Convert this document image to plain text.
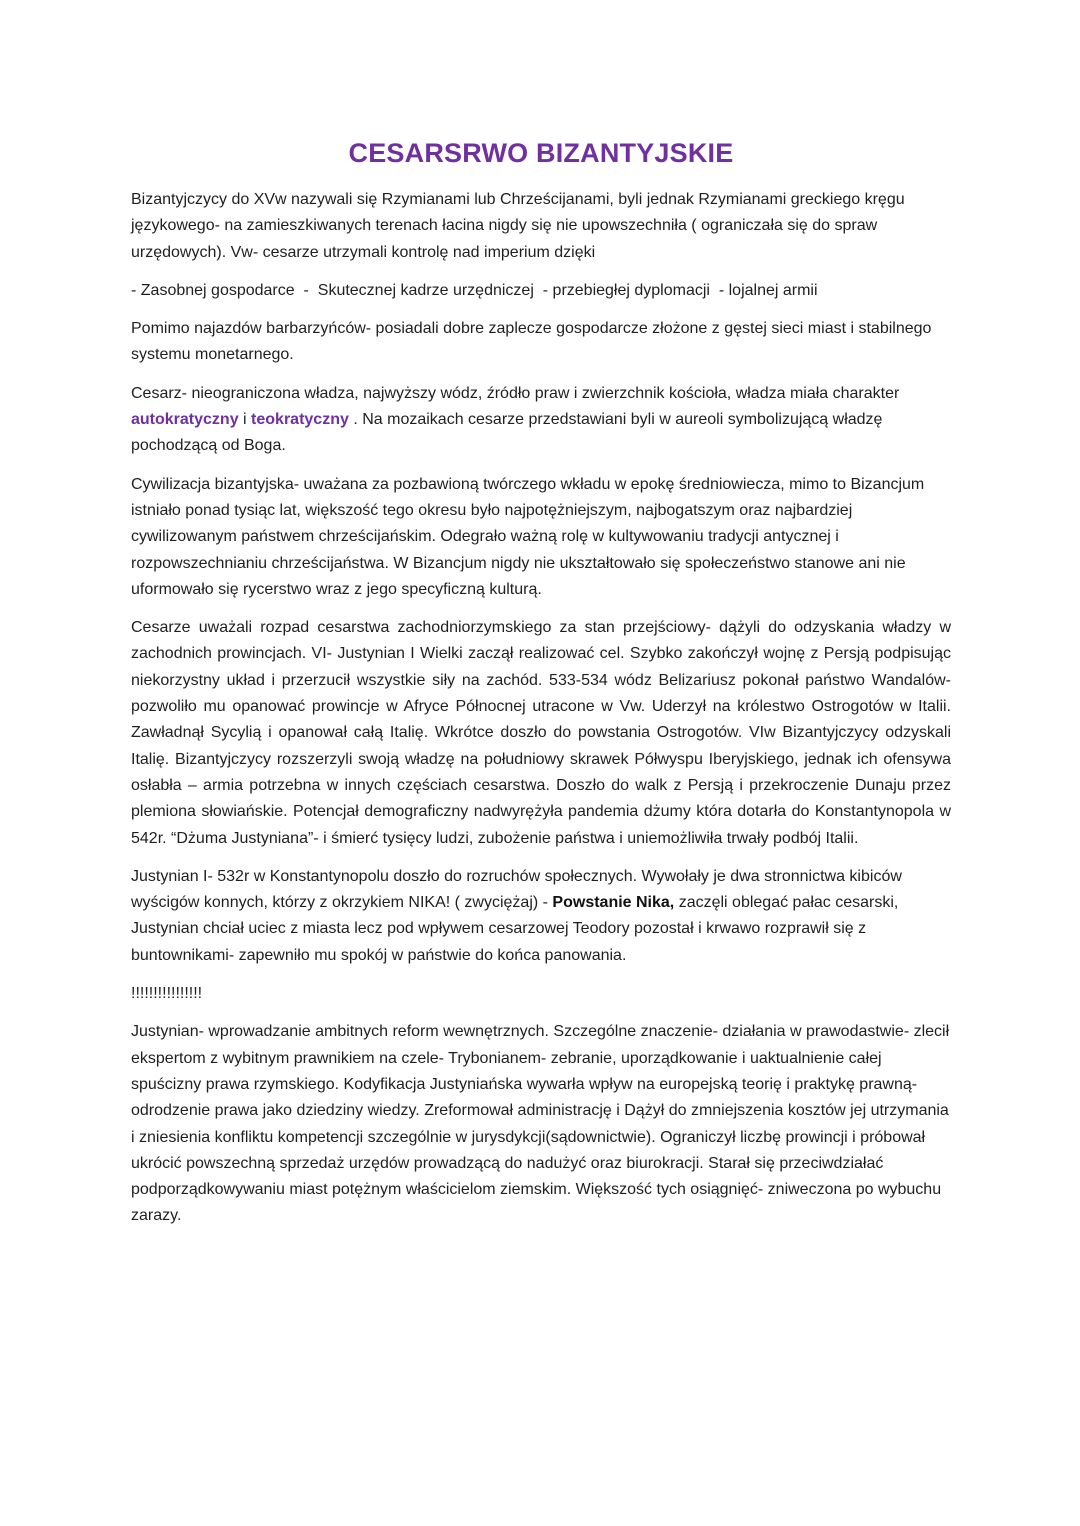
CESARSRWO BIZANTYJSKIE

Bizantyjczycy do XVw nazywali się Rzymianami lub Chrześcijanami, byli jednak Rzymianami greckiego kręgu językowego- na zamieszkiwanych terenach łacina nigdy się nie upowszechniła ( ograniczała się do spraw urzędowych). Vw- cesarze utrzymali kontrolę nad imperium dzięki

- Zasobnej gospodarce  -  Skutecznej kadrze urzędniczej  - przebiegłej dyplomacji  - lojalnej armii

Pomimo najazdów barbarzyńców- posiadali dobre zaplecze gospodarcze złożone z gęstej sieci miast i stabilnego systemu monetarnego.

Cesarz- nieograniczona władza, najwyższy wódz, źródło praw i zwierzchnik kościoła, władza miała charakter autokratyczny i teokratyczny . Na mozaikach cesarze przedstawiani byli w aureoli symbolizującą władzę pochodzącą od Boga.

Cywilizacja bizantyjska- uważana za pozbawioną twórczego wkładu w epokę średniowiecza, mimo to Bizancjum istniało ponad tysiąc lat, większość tego okresu było najpotężniejszym, najbogatszym oraz najbardziej cywilizowanym państwem chrześcijańskim. Odegrało ważną rolę w kultywowaniu tradycji antycznej i rozpowszechnianiu chrześcijaństwa. W Bizancjum nigdy nie ukształtowało się społeczeństwo stanowe ani nie uformowało się rycerstwo wraz z jego specyficzną kulturą.

Cesarze uważali rozpad cesarstwa zachodniorzymskiego za stan przejściowy- dążyli do odzyskania władzy w zachodnich prowincjach. VI- Justynian I Wielki zaczął realizować cel. Szybko zakończył wojnę z Persją podpisując niekorzystny układ i przerzucił wszystkie siły na zachód. 533-534 wódz Belizariusz pokonał państwo Wandalów- pozwoliło mu opanować prowincje w Afryce Północnej utracone w Vw. Uderzył na królestwo Ostrogotów w Italii. Zawładnął Sycylią i opanował całą Italię. Wkrótce doszło do powstania Ostrogotów. VIw Bizantyjczycy odzyskali Italię. Bizantyjczycy rozszerzyli swoją władzę na południowy skrawek Półwyspu Iberyjskiego, jednak ich ofensywa osłabła – armia potrzebna w innych częściach cesarstwa. Doszło do walk z Persją i przekroczenie Dunaju przez plemiona słowiańskie. Potencjał demograficzny nadwyrężyła pandemia dżumy która dotarła do Konstantynopola w 542r. “Dżuma Justyniana”- i śmierć tysięcy ludzi, zubożenie państwa i uniemożliwiła trwały podbój Italii.

Justynian I- 532r w Konstantynopolu doszło do rozruchów społecznych. Wywołały je dwa stronnictwa kibiców wyścigów konnych, którzy z okrzykiem NIKA! ( zwyciężaj) - Powstanie Nika, zaczęli oblegać pałac cesarski, Justynian chciał uciec z miasta lecz pod wpływem cesarzowej Teodory pozostał i krwawo rozprawił się z buntownikami- zapewniło mu spokój w państwie do końca panowania.

!!!!!!!!!!!!!!!!

Justynian- wprowadzanie ambitnych reform wewnętrznych. Szczególne znaczenie- działania w prawodastwie- zlecił ekspertom z wybitnym prawnikiem na czele- Trybonianem- zebranie, uporządkowanie i uaktualnienie całej spuścizny prawa rzymskiego. Kodyfikacja Justyniańska wywarła wpływ na europejską teorię i praktykę prawną- odrodzenie prawa jako dziedziny wiedzy. Zreformował administrację i Dążył do zmniejszenia kosztów jej utrzymania i zniesienia konfliktu kompetencji szczególnie w jurysdykcji(sądownictwie). Ograniczył liczbę prowincji i próbował ukrócić powszechną sprzedaż urzędów prowadzącą do nadużyć oraz biurokracji. Starał się przeciwdziałać podporządkowywaniu miast potężnym właścicielom ziemskim. Większość tych osiągnięć- zniweczona po wybuchu zarazy.
